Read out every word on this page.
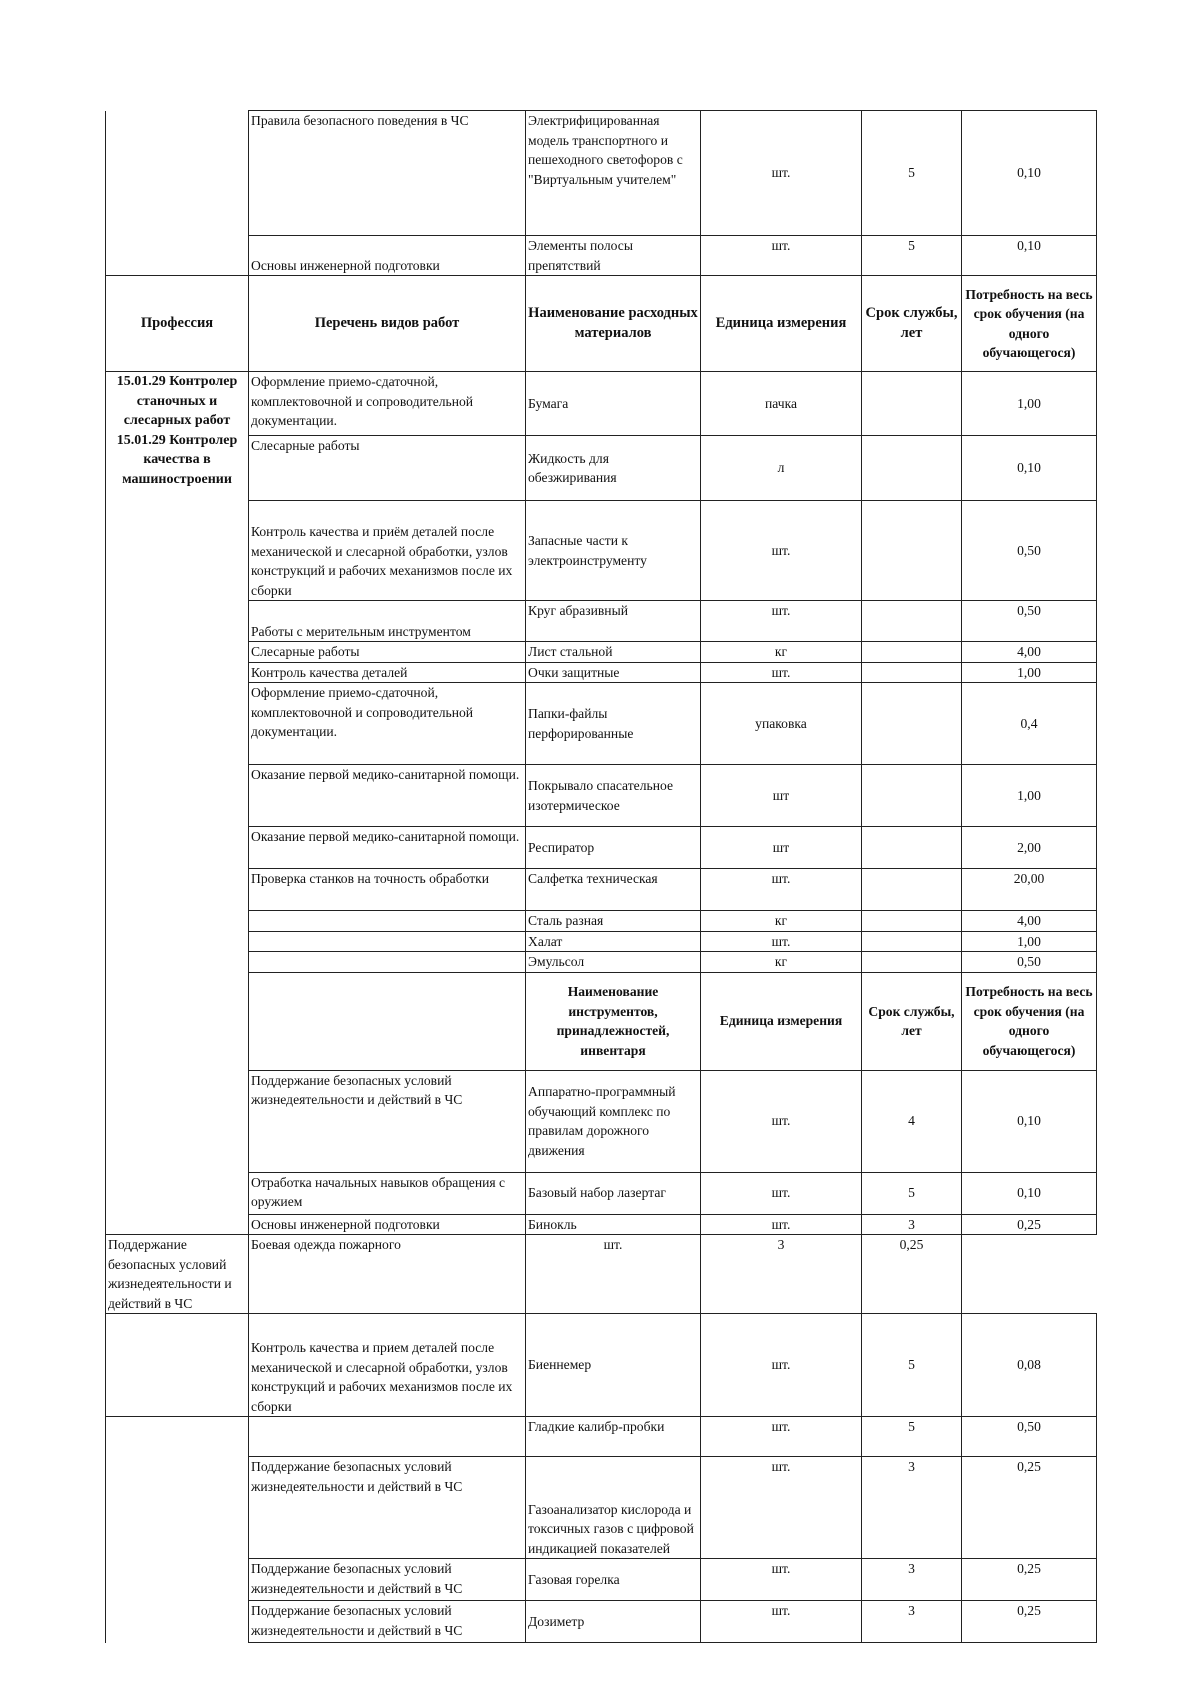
	Правила безопасного поведения в ЧС	Электрифицированная модель транспортного и пешеходного светофоров с "Виртуальным учителем"	шт.	5	0,10
	Основы инженерной подготовки	Элементы полосы препятствий	шт.	5	0,10
Профессия	Перечень видов работ	Наименование расходных материалов	Единица измерения	Срок службы, лет	Потребность на весь срок обучения (на одного обучающегося)
15.01.29 Контролер станочных и слесарных работ 15.01.29 Контролер качества в машиностроении	Оформление приемо-сдаточной, комплектовочной и сопроводительной документации.	Бумага	пачка		1,00
	Слесарные работы	Жидкость для обезжиривания	л		0,10
	Контроль качества и приём деталей после механической и слесарной обработки, узлов конструкций и рабочих механизмов после их сборки	Запасные части к электроинструменту	шт.		0,50
	Работы с мерительным инструментом	Круг абразивный	шт.		0,50
	Слесарные работы	Лист стальной	кг		4,00
	Контроль качества деталей	Очки защитные	шт.		1,00
	Оформление приемо-сдаточной, комплектовочной и сопроводительной документации.	Папки-файлы перфорированные	упаковка		0,4
	Оказание первой медико-санитарной помощи.	Покрывало спасательное изотермическое	шт		1,00
	Оказание первой медико-санитарной помощи.	Респиратор	шт		2,00
	Проверка станков на точность обработки	Салфетка техническая	шт.		20,00
		Сталь разная	кг		4,00
		Халат	шт.		1,00
		Эмульсол	кг		0,50
		Наименование инструментов, принадлежностей, инвентаря	Единица измерения	Срок службы, лет	Потребность на весь срок обучения (на одного обучающегося)
	Поддержание безопасных условий жизнедеятельности и действий в ЧС	Аппаратно-программный обучающий комплекс по правилам дорожного движения	шт.	4	0,10
	Отработка начальных навыков обращения с оружием	Базовый набор лазертаг	шт.	5	0,10
	Основы инженерной подготовки	Бинокль	шт.	3	0,25
Поддержание безопасных условий жизнедеятельности и действий в ЧС	Боевая одежда пожарного	шт.	3	0,25	
	Контроль качества и прием деталей после механической и слесарной обработки, узлов конструкций и рабочих механизмов после их сборки	Биеннемер	шт.	5	0,08
		Гладкие калибр-пробки	шт.	5	0,50
	Поддержание безопасных условий жизнедеятельности и действий в ЧС	Газоанализатор кислорода и токсичных газов с цифровой индикацией показателей	шт.	3	0,25
	Поддержание безопасных условий жизнедеятельности и действий в ЧС	Газовая горелка	шт.	3	0,25
	Поддержание безопасных условий жизнедеятельности и действий в ЧС	Дозиметр	шт.	3	0,25
